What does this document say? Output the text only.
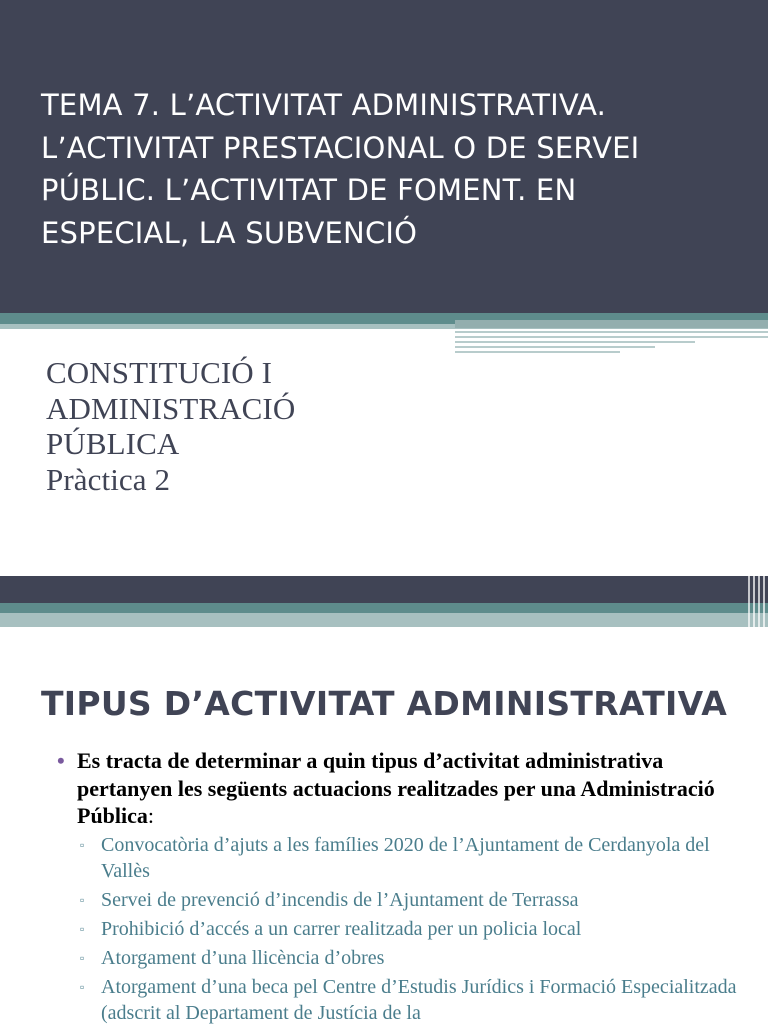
TEMA 7. L’ACTIVITAT ADMINISTRATIVA.
L’ACTIVITAT PRESTACIONAL O DE SERVEI
PÚBLIC. L’ACTIVITAT DE FOMENT. EN
ESPECIAL, LA SUBVENCIÓ
CONSTITUCIÓ I
ADMINISTRACIÓ
PÚBLICA
Pràctica 2
TIPUS D’ACTIVITAT ADMINISTRATIVA

• Es tracta de determinar a quin tipus d’activitat administrativa pertanyen les següents actuacions realitzades per una Administració Pública:

▫ Convocatòria d’ajuts a les famílies 2020 de l’Ajuntament de Cerdanyola del Vallès
▫ Servei de prevenció d’incendis de l’Ajuntament de Terrassa
▫ Prohibició d’accés a un carrer realitzada per un policia local
▫ Atorgament d’una llicència d’obres
▫ Atorgament d’una beca pel Centre d’Estudis Jurídics i Formació Especialitzada (adscrit al Departament de Justícia de la
